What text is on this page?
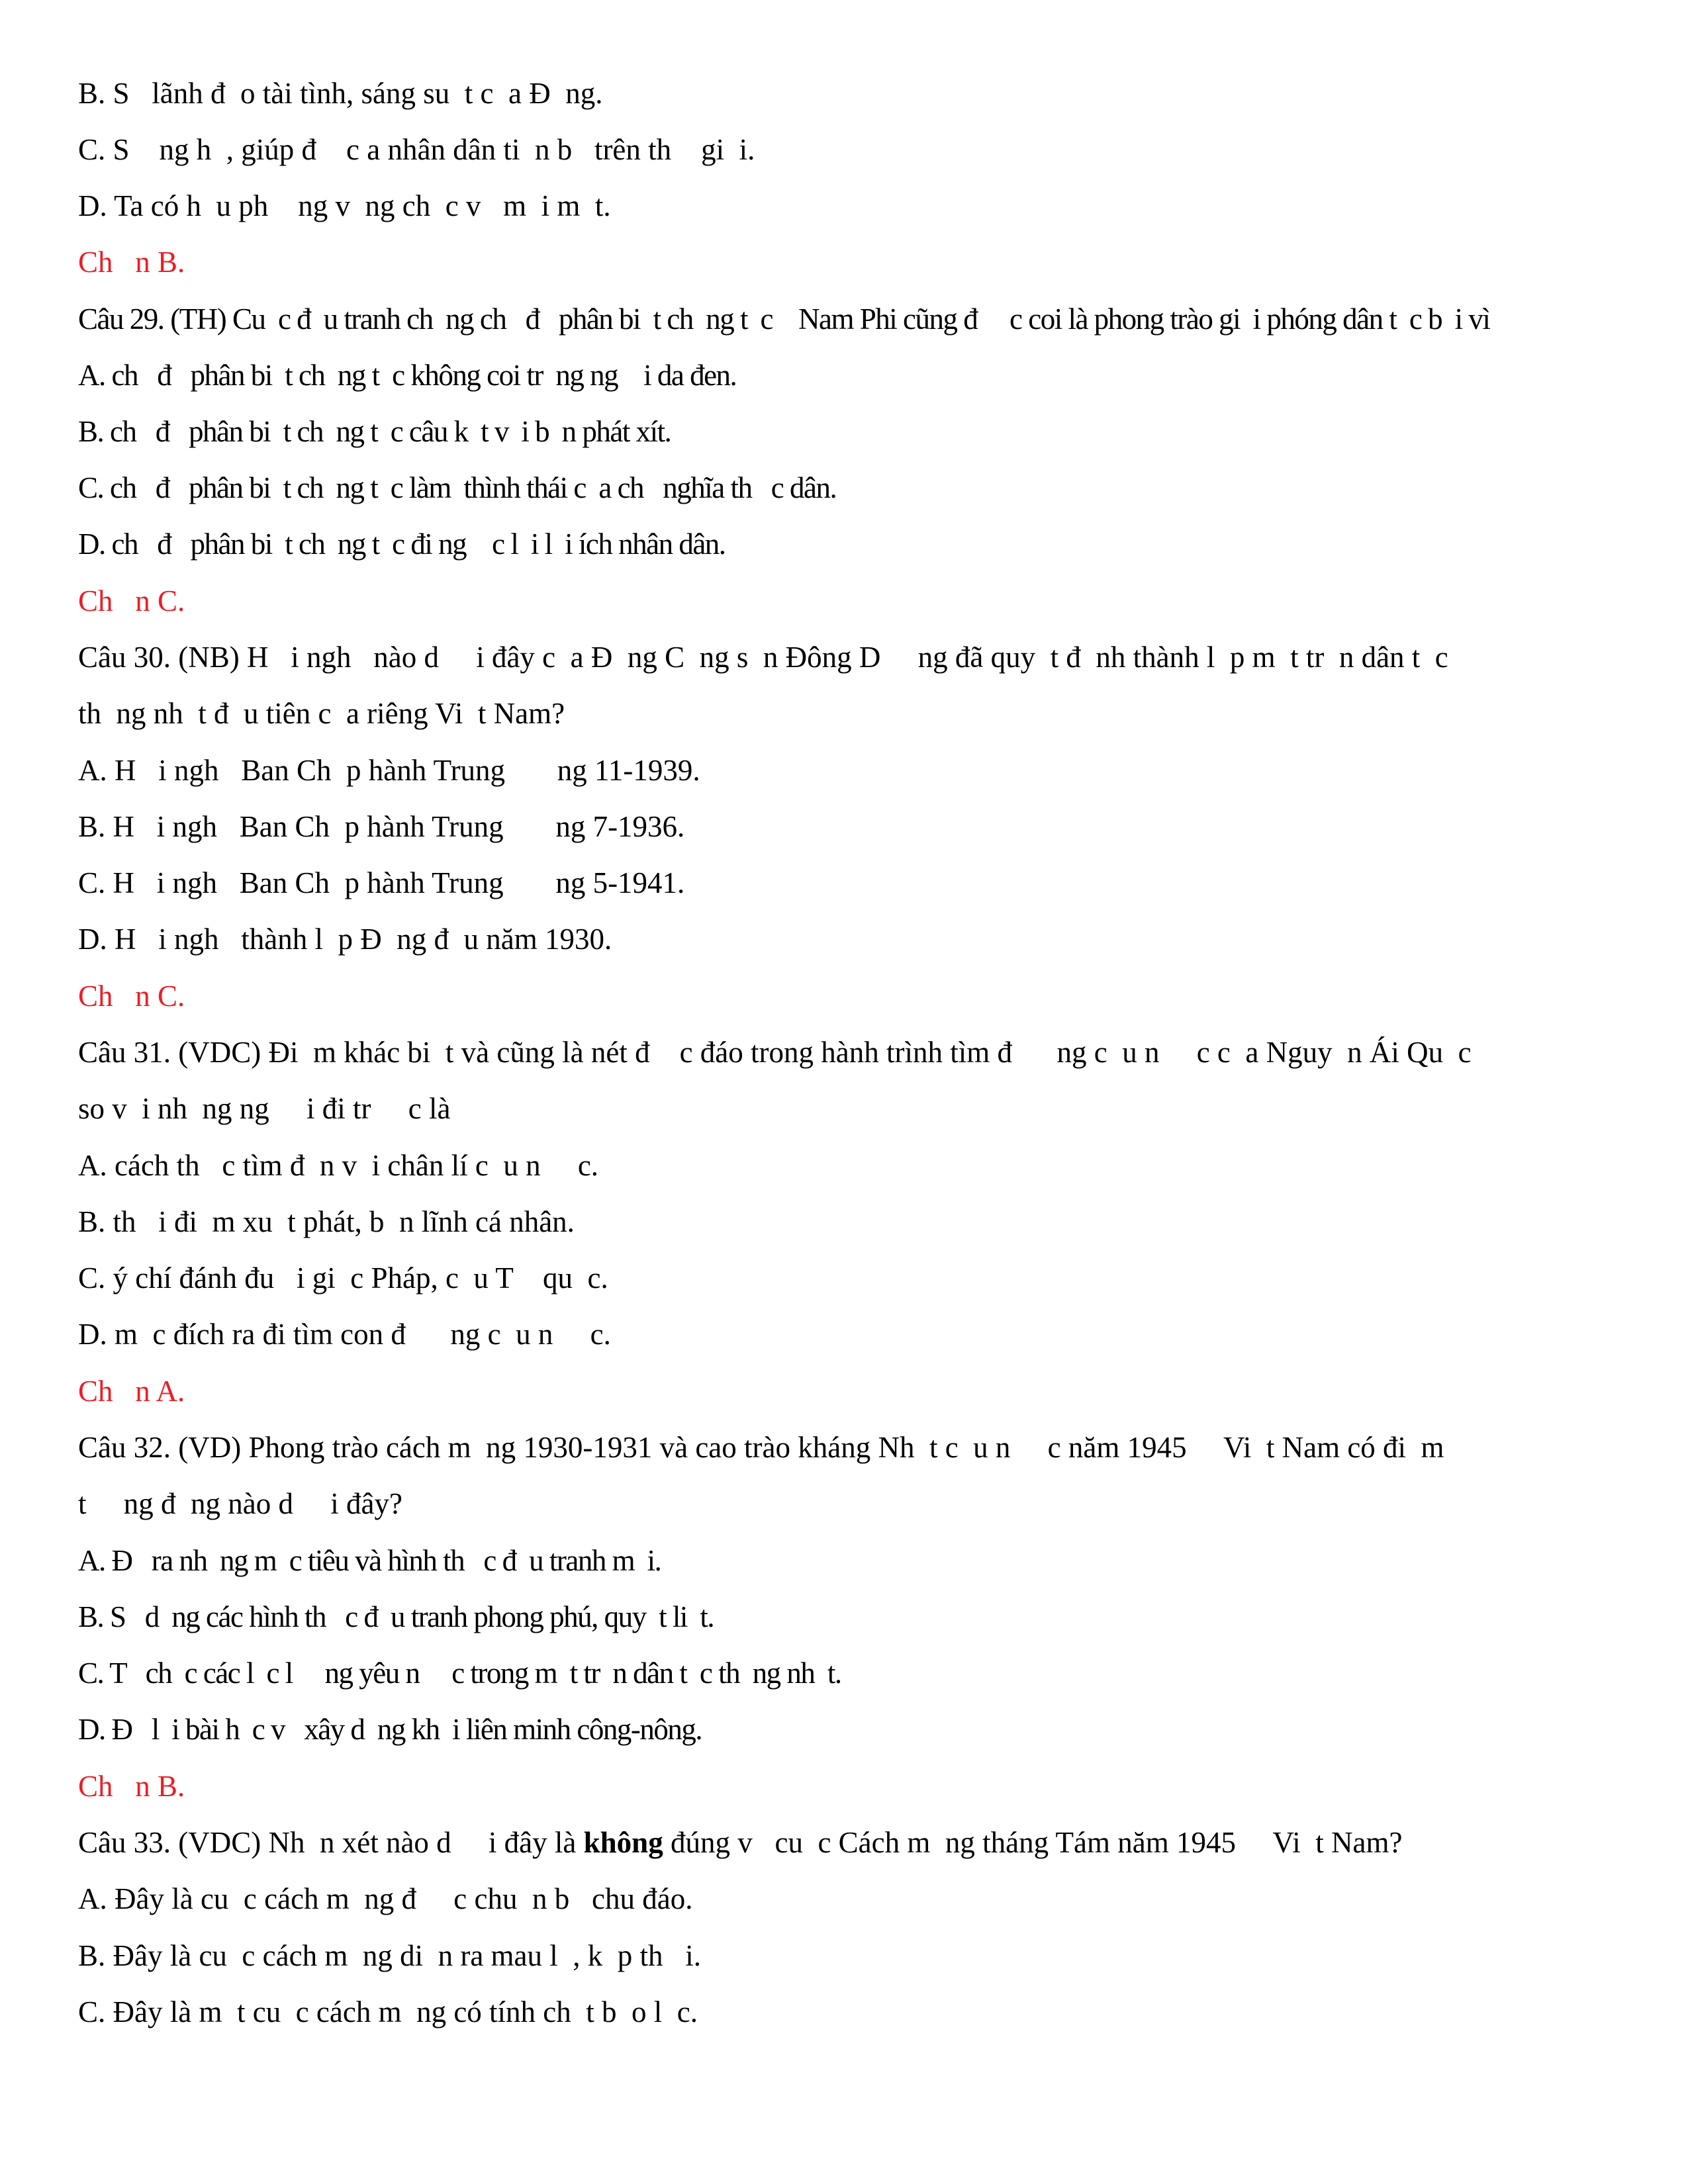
B. S   lãnh đ  o tài tình, sáng su  t c  a Đ  ng.
C. S    ng h  , giúp đ    c a nhân dân ti  n b   trên th    gi  i.
D. Ta có h  u ph    ng v  ng ch  c v   m  i m  t.
Ch   n B.
Câu 29. (TH) Cu  c đ  u tranh ch  ng ch   đ   phân bi  t ch  ng t  c    Nam Phi cũng đ     c coi là phong trào gi  i phóng dân t  c b  i vì
A. ch   đ   phân bi  t ch  ng t  c không coi tr  ng ng    i da đen.
B. ch   đ   phân bi  t ch  ng t  c câu k  t v  i b  n phát xít.
C. ch   đ   phân bi  t ch  ng t  c làm  thình thái c  a ch   nghĩa th   c dân.
D. ch   đ   phân bi  t ch  ng t  c đi ng    c l  i l  i ích nhân dân.
Ch   n C.
Câu 30. (NB) H   i ngh   nào d     i đây c  a Đ  ng C  ng s  n Đông D     ng đã quy  t đ  nh thành l  p m  t tr  n dân t  c
th  ng nh  t đ  u tiên c  a riêng Vi  t Nam?
A. H   i ngh   Ban Ch  p hành Trung       ng 11-1939.
B. H   i ngh   Ban Ch  p hành Trung       ng 7-1936.
C. H   i ngh   Ban Ch  p hành Trung       ng 5-1941.
D. H   i ngh   thành l  p Đ  ng đ  u năm 1930.
Ch   n C.
Câu 31. (VDC) Đi  m khác bi  t và cũng là nét đ    c đáo trong hành trình tìm đ      ng c  u n     c c  a Nguy  n Ái Qu  c
so v  i nh  ng ng     i đi tr     c là
A. cách th   c tìm đ  n v  i chân lí c  u n     c.
B. th   i đi  m xu  t phát, b  n lĩnh cá nhân.
C. ý chí đánh đu   i gi  c Pháp, c  u T    qu  c.
D. m  c đích ra đi tìm con đ      ng c  u n     c.
Ch   n A.
Câu 32. (VD) Phong trào cách m  ng 1930-1931 và cao trào kháng Nh  t c  u n     c năm 1945     Vi  t Nam có đi  m
t     ng đ  ng nào d     i đây?
A. Đ   ra nh  ng m  c tiêu và hình th   c đ  u tranh m  i.
B. S   d  ng các hình th   c đ  u tranh phong phú, quy  t li  t.
C. T   ch  c các l  c l     ng yêu n     c trong m  t tr  n dân t  c th  ng nh  t.
D. Đ   l  i bài h  c v   xây d  ng kh  i liên minh công-nông.
Ch   n B.
Câu 33. (VDC) Nh  n xét nào d     i đây là không đúng v   cu  c Cách m  ng tháng Tám năm 1945     Vi  t Nam?
A. Đây là cu  c cách m  ng đ     c chu  n b   chu đáo.
B. Đây là cu  c cách m  ng di  n ra mau l  , k  p th   i.
C. Đây là m  t cu  c cách m  ng có tính ch  t b  o l  c.
